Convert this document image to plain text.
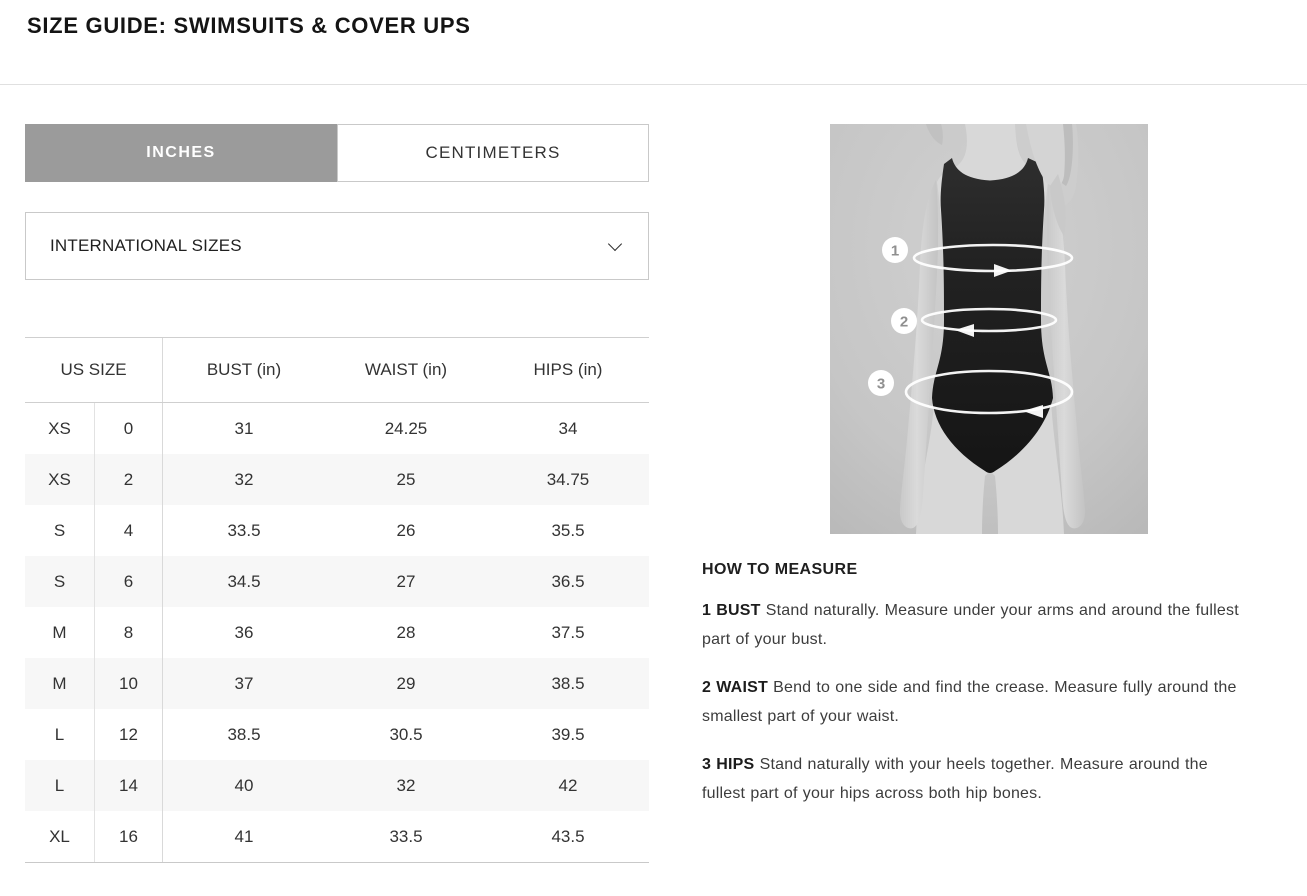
SIZE GUIDE: SWIMSUITS & COVER UPS
INCHES	CENTIMETERS
INTERNATIONAL SIZES
US SIZE	BUST (in)	WAIST (in)	HIPS (in)
XS	0	31	24.25	34
XS	2	32	25	34.75
S	4	33.5	26	35.5
S	6	34.5	27	36.5
M	8	36	28	37.5
M	10	37	29	38.5
L	12	38.5	30.5	39.5
L	14	40	32	42
XL	16	41	33.5	43.5
1
2
3
HOW TO MEASURE

1 BUST Stand naturally. Measure under your arms and around the fullest part of your bust.

2 WAIST Bend to one side and find the crease. Measure fully around the smallest part of your waist.

3 HIPS Stand naturally with your heels together. Measure around the fullest part of your hips across both hip bones.
